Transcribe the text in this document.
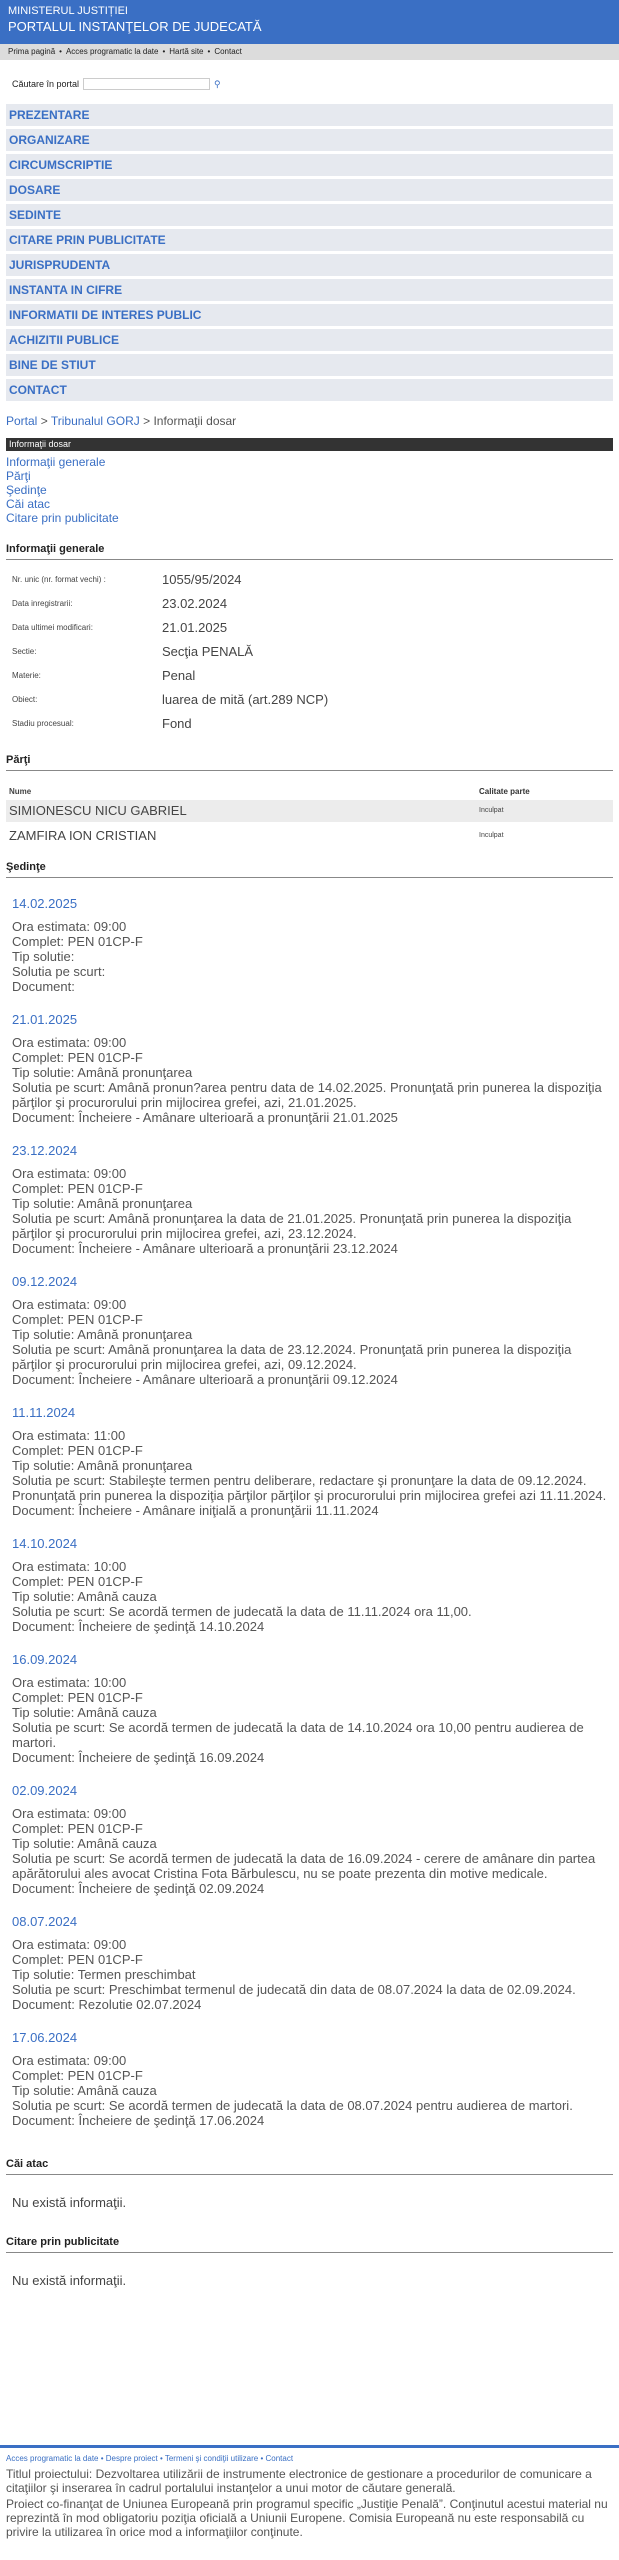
MINISTERUL JUSTIȚIEI
PORTALUL INSTANŢELOR DE JUDECATĂ
Prima pagină • Acces programatic la date • Hartă site • Contact
Căutare în portal	⚲
PREZENTARE
ORGANIZARE
CIRCUMSCRIPTIE
DOSARE
SEDINTE
CITARE PRIN PUBLICITATE
JURISPRUDENTA
INSTANTA IN CIFRE
INFORMATII DE INTERES PUBLIC
ACHIZITII PUBLICE
BINE DE STIUT
CONTACT
Portal > Tribunalul GORJ > Informaţii dosar
Informaţii dosar
Informaţii generale
Părţi
Şedinţe
Căi atac
Citare prin publicitate
Informaţii generale
Nr. unic (nr. format vechi) :	1055/95/2024
Data inregistrarii:	23.02.2024
Data ultimei modificari:	21.01.2025
Sectie:	Secţia PENALĂ
Materie:	Penal
Obiect:	luarea de mită (art.289 NCP)
Stadiu procesual:	Fond
Părţi
Nume	Calitate parte
SIMIONESCU NICU GABRIEL	Inculpat
ZAMFIRA ION CRISTIAN	Inculpat
Şedinţe
14.02.2025
Ora estimata: 09:00
Complet: PEN 01CP-F
Tip solutie:
Solutia pe scurt:
Document:
21.01.2025
Ora estimata: 09:00
Complet: PEN 01CP-F
Tip solutie: Amână pronunţarea
Solutia pe scurt: Amână pronun?area pentru data de 14.02.2025. Pronunţată prin punerea la dispoziţia părţilor şi procurorului prin mijlocirea grefei, azi, 21.01.2025.
Document: Încheiere - Amânare ulterioară a pronunţării 21.01.2025
23.12.2024
Ora estimata: 09:00
Complet: PEN 01CP-F
Tip solutie: Amână pronunţarea
Solutia pe scurt: Amână pronunţarea la data de 21.01.2025. Pronunţată prin punerea la dispoziţia părţilor şi procurorului prin mijlocirea grefei, azi, 23.12.2024.
Document: Încheiere - Amânare ulterioară a pronunţării 23.12.2024
09.12.2024
Ora estimata: 09:00
Complet: PEN 01CP-F
Tip solutie: Amână pronunţarea
Solutia pe scurt: Amână pronunţarea la data de 23.12.2024. Pronunţată prin punerea la dispoziţia părţilor şi procurorului prin mijlocirea grefei, azi, 09.12.2024.
Document: Încheiere - Amânare ulterioară a pronunţării 09.12.2024
11.11.2024
Ora estimata: 11:00
Complet: PEN 01CP-F
Tip solutie: Amână pronunţarea
Solutia pe scurt: Stabileşte termen pentru deliberare, redactare şi pronunţare la data de 09.12.2024. Pronunţată prin punerea la dispoziţia părţilor părţilor şi procurorului prin mijlocirea grefei azi 11.11.2024.
Document: Încheiere - Amânare iniţială a pronunţării 11.11.2024
14.10.2024
Ora estimata: 10:00
Complet: PEN 01CP-F
Tip solutie: Amână cauza
Solutia pe scurt: Se acordă termen de judecată la data de 11.11.2024 ora 11,00.
Document: Încheiere de şedinţă 14.10.2024
16.09.2024
Ora estimata: 10:00
Complet: PEN 01CP-F
Tip solutie: Amână cauza
Solutia pe scurt: Se acordă termen de judecată la data de 14.10.2024 ora 10,00 pentru audierea de martori.
Document: Încheiere de şedinţă 16.09.2024
02.09.2024
Ora estimata: 09:00
Complet: PEN 01CP-F
Tip solutie: Amână cauza
Solutia pe scurt: Se acordă termen de judecată la data de 16.09.2024 - cerere de amânare din partea apărătorului ales avocat Cristina Fota Bărbulescu, nu se poate prezenta din motive medicale.
Document: Încheiere de şedinţă 02.09.2024
08.07.2024
Ora estimata: 09:00
Complet: PEN 01CP-F
Tip solutie: Termen preschimbat
Solutia pe scurt: Preschimbat termenul de judecată din data de 08.07.2024 la data de 02.09.2024.
Document: Rezolutie 02.07.2024
17.06.2024
Ora estimata: 09:00
Complet: PEN 01CP-F
Tip solutie: Amână cauza
Solutia pe scurt: Se acordă termen de judecată la data de 08.07.2024 pentru audierea de martori.
Document: Încheiere de şedinţă 17.06.2024
Căi atac
Nu există informaţii.
Citare prin publicitate
Nu există informaţii.
Acces programatic la date • Despre proiect • Termeni şi condiţii utilizare • Contact
Titlul proiectului: Dezvoltarea utilizării de instrumente electronice de gestionare a procedurilor de comunicare a citaţiilor şi inserarea în cadrul portalului instanţelor a unui motor de căutare generală.
Proiect co-finanţat de Uniunea Europeană prin programul specific „Justiţie Penală”. Conţinutul acestui material nu reprezintă în mod obligatoriu poziţia oficială a Uniunii Europene. Comisia Europeană nu este responsabilă cu privire la utilizarea în orice mod a informaţiilor conţinute.
